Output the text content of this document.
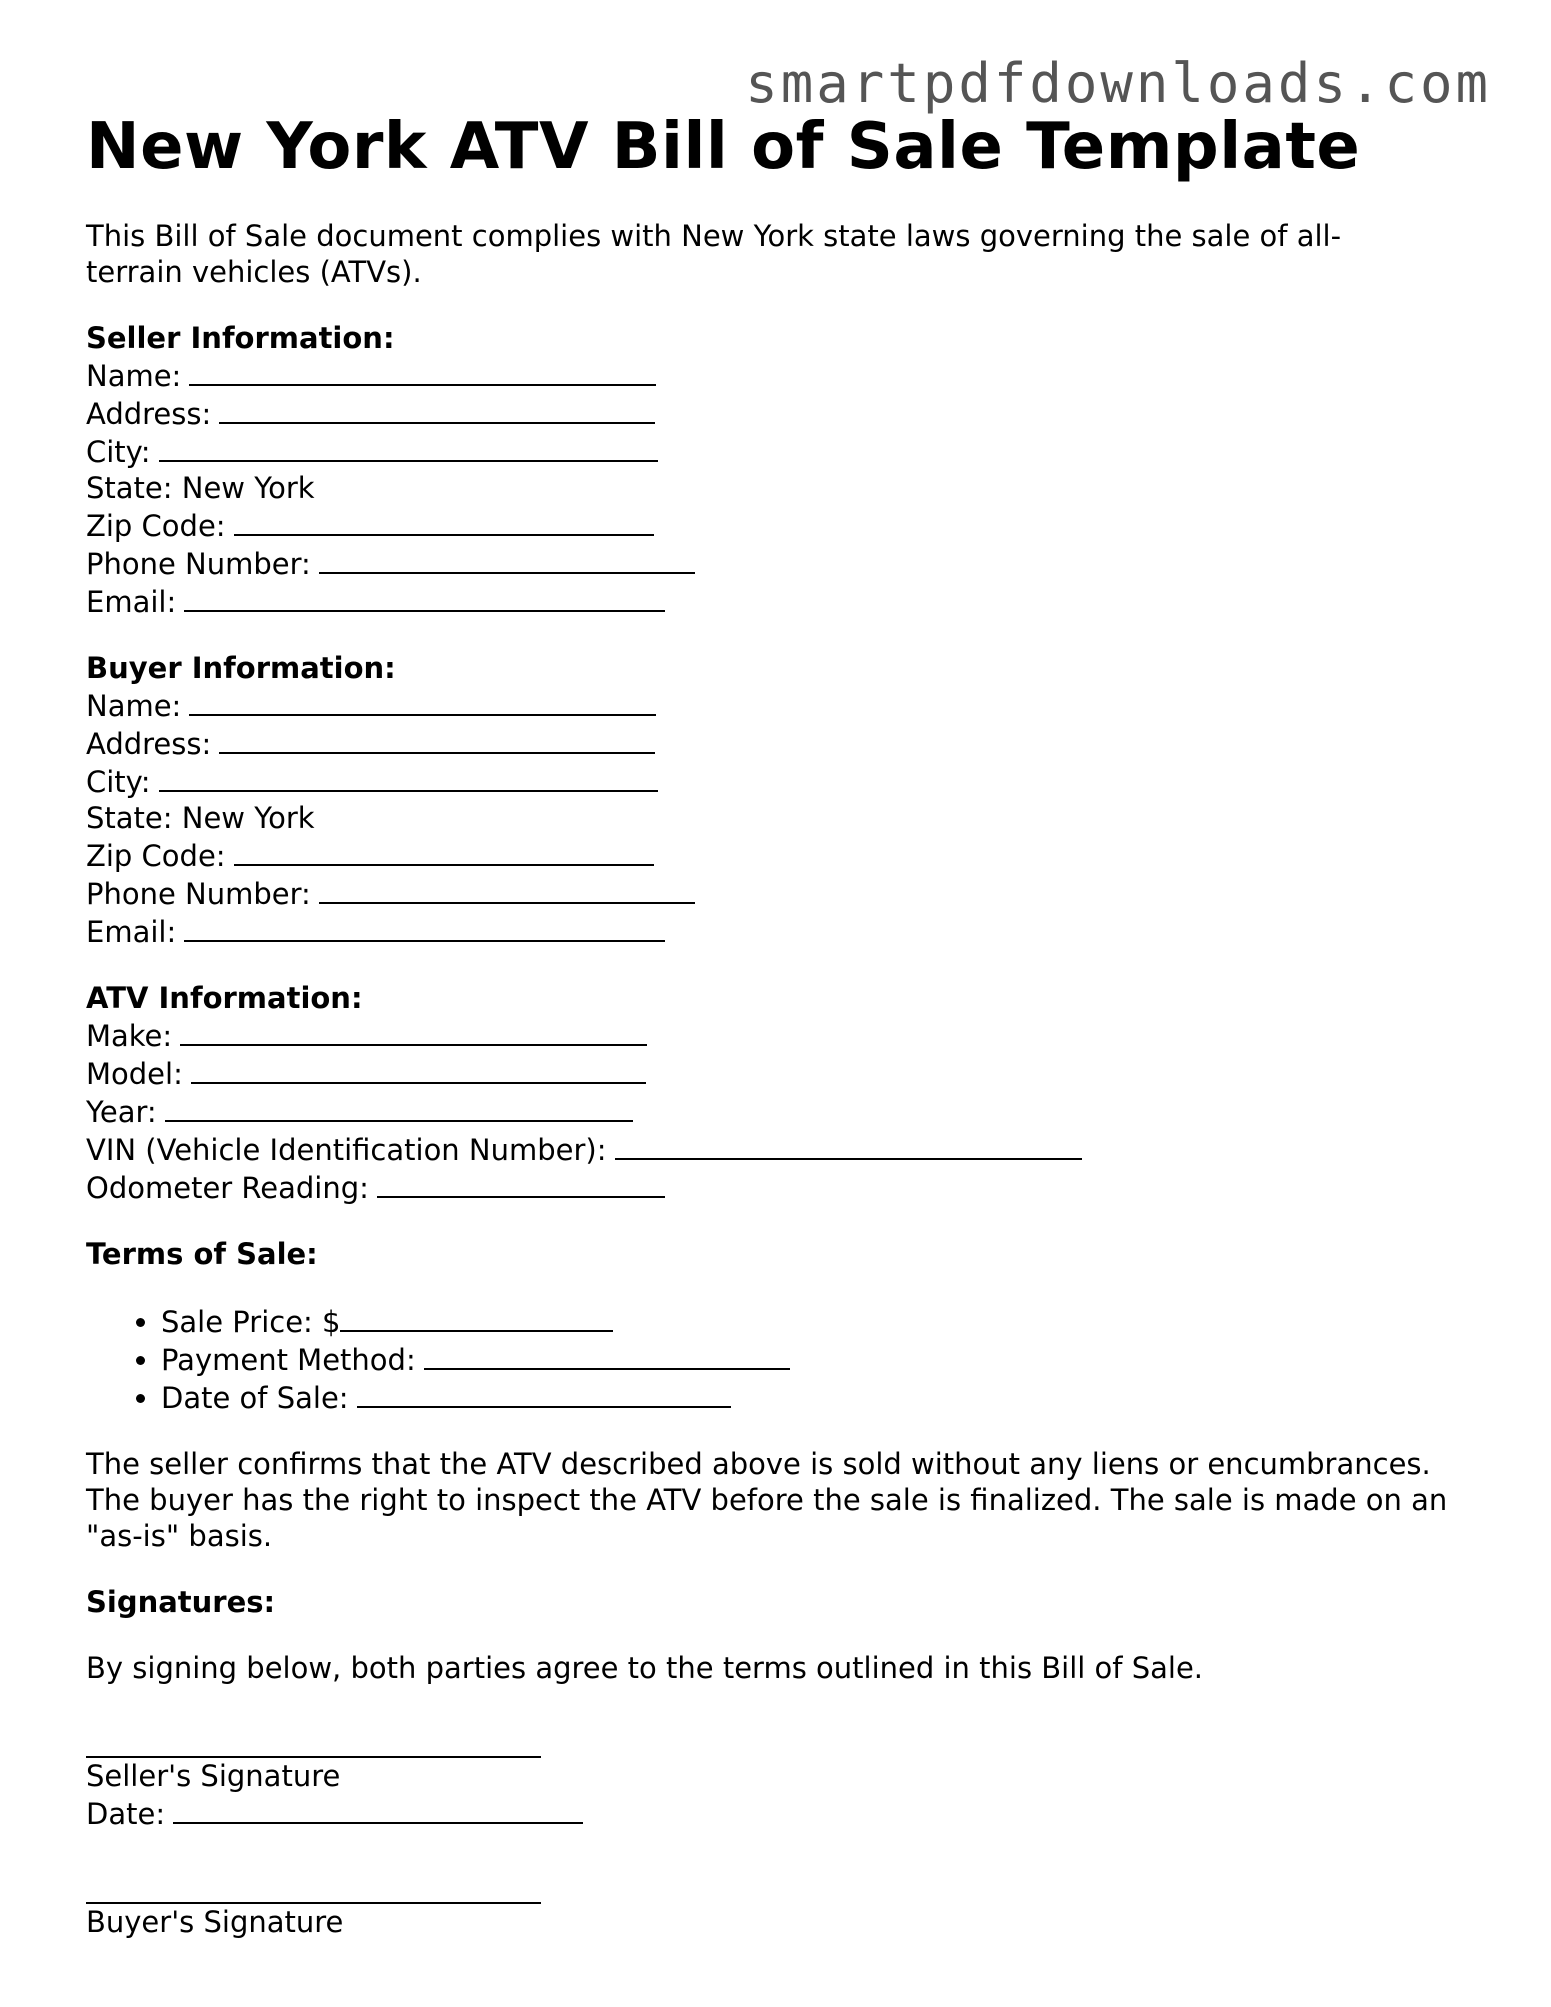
smartpdfdownloads.com
New York ATV Bill of Sale Template

This Bill of Sale document complies with New York state laws governing the sale of all-terrain vehicles (ATVs).

Seller Information:
Name:
Address:
City:
State: New York
Zip Code:
Phone Number:
Email:
Buyer Information:
Name:
Address:
City:
State: New York
Zip Code:
Phone Number:
Email:
ATV Information:
Make:
Model:
Year:
VIN (Vehicle Identification Number):
Odometer Reading:
Terms of Sale:
• Sale Price: $
• Payment Method:
• Date of Sale:
The seller confirms that the ATV described above is sold without any liens or encumbrances. The buyer has the right to inspect the ATV before the sale is finalized. The sale is made on an "as-is" basis.
Signatures:
By signing below, both parties agree to the terms outlined in this Bill of Sale.
Seller's Signature
Date:
Buyer's Signature
